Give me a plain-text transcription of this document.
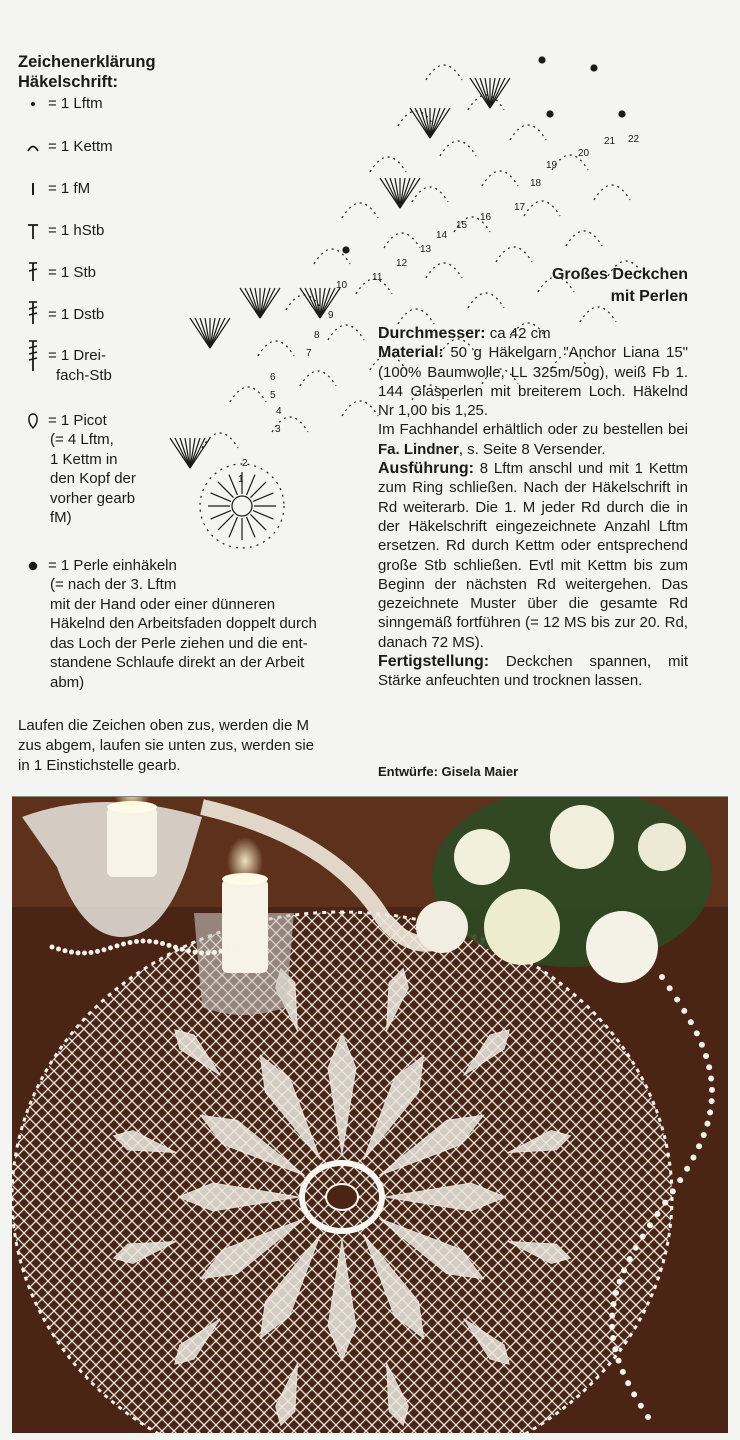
Zeichenerklärung
Häkelschrift:
= 1 Lftm
= 1 Kettm
= 1 fM
= 1 hStb
= 1 Stb
= 1 Dstb
= 1 Drei-
fach-Stb
= 1 Picot
(= 4 Lftm,
1 Kettm in
den Kopf der
vorher gearb
fM)
= 1 Perle einhäkeln
(= nach der 3. Lftm
mit der Hand oder einer dünneren
Häkelnd den Arbeitsfaden doppelt durch
das Loch der Perle ziehen und die ent-
standene Schlaufe direkt an der Arbeit
abm)
Laufen die Zeichen oben zus, werden die M
zus abgem, laufen sie unten zus, werden sie
in 1 Einstichstelle gearb.
1
2
3
4
5
6
7
8
9
10
11
12
13
14
15
16
17
18
19
20
21 22
Großes Deckchen
mit Perlen
Durchmesser: ca 42 cm
Material: 50 g Häkelgarn "Anchor Liana 15" (100% Baumwolle, LL 325m/50g), weiß Fb 1. 144 Glasperlen mit breiterem Loch. Häkelnd Nr 1,00 bis 1,25.
Im Fachhandel erhältlich oder zu bestellen bei Fa. Lindner, s. Seite 8 Versender.
Ausführung: 8 Lftm anschl und mit 1 Kettm zum Ring schließen. Nach der Häkelschrift in Rd weiterarb. Die 1. M jeder Rd durch die in der Häkelschrift eingezeichnete Anzahl Lftm ersetzen. Rd durch Kettm oder entsprechend große Stb schließen. Evtl mit Kettm bis zum Beginn der nächsten Rd weitergehen. Das gezeichnete Muster über die gesamte Rd sinngemäß fortführen (= 12 MS bis zur 20. Rd, danach 72 MS).
Fertigstellung: Deckchen spannen, mit Stärke anfeuchten und trocknen lassen.
Entwürfe: Gisela Maier
